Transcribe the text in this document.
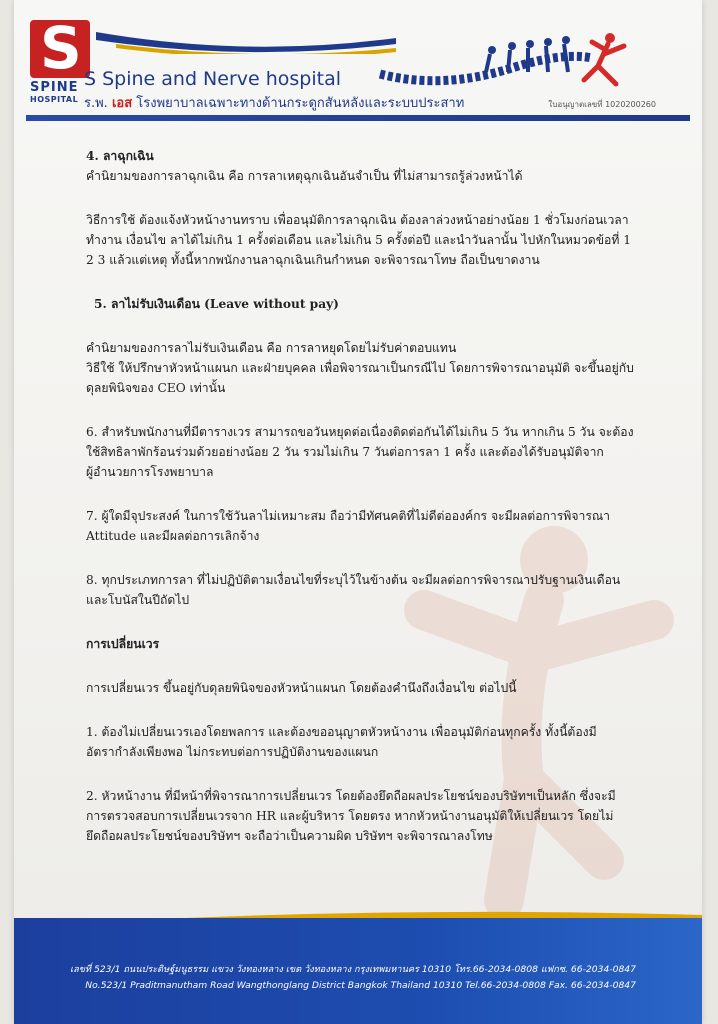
S
SPINE
HOSPITAL
S Spine and Nerve hospital
ร.พ. เอส โรงพยาบาลเฉพาะทางด้านกระดูกสันหลังและระบบประสาท	ใบอนุญาตเลขที่ 1020200260

4. ลาฉุกเฉิน

คำนิยามของการลาฉุกเฉิน คือ การลาเหตุฉุกเฉินอันจำเป็น ที่ไม่สามารถรู้ล่วงหน้าได้

วิธีการใช้ ต้องแจ้งหัวหน้างานทราบ เพื่ออนุมัติการลาฉุกเฉิน ต้องลาล่วงหน้าอย่างน้อย 1 ชั่วโมงก่อนเวลา

ทำงาน เงื่อนไข ลาได้ไม่เกิน 1 ครั้งต่อเดือน และไม่เกิน 5 ครั้งต่อปี และนำวันลานั้น ไปหักในหมวดข้อที่ 1

2 3 แล้วแต่เหตุ ทั้งนี้หากพนักงานลาฉุกเฉินเกินกำหนด จะพิจารณาโทษ ถือเป็นขาดงาน

5. ลาไม่รับเงินเดือน (Leave without pay)

คำนิยามของการลาไม่รับเงินเดือน คือ การลาหยุดโดยไม่รับค่าตอบแทน

วิธีใช้ ให้ปรึกษาหัวหน้าแผนก และฝ่ายบุคคล เพื่อพิจารณาเป็นกรณีไป โดยการพิจารณาอนุมัติ จะขึ้นอยู่กับ

ดุลยพินิจของ CEO เท่านั้น

6. สำหรับพนักงานที่มีตารางเวร สามารถขอวันหยุดต่อเนื่องติดต่อกันได้ไม่เกิน 5 วัน หากเกิน 5 วัน จะต้อง

ใช้สิทธิลาพักร้อนร่วมด้วยอย่างน้อย 2 วัน รวมไม่เกิน 7 วันต่อการลา 1 ครั้ง และต้องได้รับอนุมัติจาก

ผู้อำนวยการโรงพยาบาล

7. ผู้ใดมีจุประสงค์ ในการใช้วันลาไม่เหมาะสม ถือว่ามีทัศนคติที่ไม่ดีต่อองค์กร จะมีผลต่อการพิจารณา

Attitude และมีผลต่อการเลิกจ้าง

8. ทุกประเภทการลา ที่ไม่ปฏิบัติตามเงื่อนไขที่ระบุไว้ในข้างต้น จะมีผลต่อการพิจารณาปรับฐานเงินเดือน

และโบนัสในปีถัดไป

การเปลี่ยนเวร

การเปลี่ยนเวร ขึ้นอยู่กับดุลยพินิจของหัวหน้าแผนก โดยต้องคำนึงถึงเงื่อนไข ต่อไปนี้

1. ต้องไม่เปลี่ยนเวรเองโดยพลการ และต้องขออนุญาตหัวหน้างาน เพื่ออนุมัติก่อนทุกครั้ง ทั้งนี้ต้องมี

อัตรากำลังเพียงพอ ไม่กระทบต่อการปฏิบัติงานของแผนก

2. หัวหน้างาน ที่มีหน้าที่พิจารณาการเปลี่ยนเวร โดยต้องยึดถือผลประโยชน์ของบริษัทฯเป็นหลัก ซึ่งจะมี

การตรวจสอบการเปลี่ยนเวรจาก HR และผู้บริหาร โดยตรง หากหัวหน้างานอนุมัติให้เปลี่ยนเวร โดยไม่

ยึดถือผลประโยชน์ของบริษัทฯ จะถือว่าเป็นความผิด บริษัทฯ จะพิจารณาลงโทษ

เลขที่ 523/1 ถนนประดิษฐ์มนูธรรม แขวง วังทองหลาง เขต วังทองหลาง กรุงเทพมหานคร 10310 โทร.66-2034-0808 แฟกซ. 66-2034-0847
No.523/1 Praditmanutham Road Wangthonglang District Bangkok Thailand 10310 Tel.66-2034-0808 Fax. 66-2034-0847
